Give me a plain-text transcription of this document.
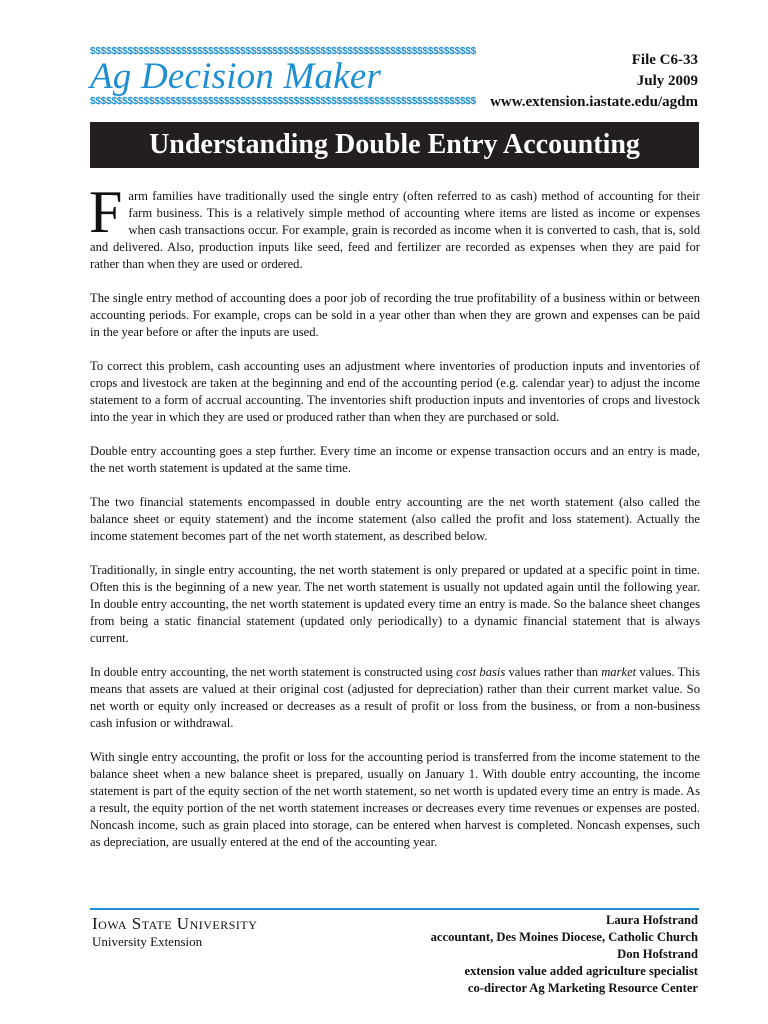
$$$$$$$$$$$$$$$$$$$$$$$$$$$$$$$$$$$$$$$$$$$$$$$$$$$$$$$$$$$$$$$$$$$$$$$$
Ag Decision Maker
$$$$$$$$$$$$$$$$$$$$$$$$$$$$$$$$$$$$$$$$$$$$$$$$$$$$$$$$$$$$$$$$$$$$$$$$
File C6-33
July 2009
www.extension.iastate.edu/agdm
Understanding Double Entry Accounting

Farm families have traditionally used the single entry (often referred to as cash) method of accounting for their farm business. This is a relatively simple method of accounting where items are listed as income or expenses when cash transactions occur. For example, grain is recorded as income when it is converted to cash, that is, sold and delivered. Also, production inputs like seed, feed and fertilizer are recorded as expenses when they are paid for rather than when they are used or ordered.

The single entry method of accounting does a poor job of recording the true profitability of a business within or between accounting periods. For example, crops can be sold in a year other than when they are grown and expenses can be paid in the year before or after the inputs are used.

To correct this problem, cash accounting uses an adjustment where inventories of production inputs and inventories of crops and livestock are taken at the beginning and end of the accounting period (e.g. calendar year) to adjust the income statement to a form of accrual accounting. The inventories shift production inputs and inventories of crops and livestock into the year in which they are used or produced rather than when they are purchased or sold.

Double entry accounting goes a step further. Every time an income or expense transaction occurs and an entry is made, the net worth statement is updated at the same time.

The two financial statements encompassed in double entry accounting are the net worth statement (also called the balance sheet or equity statement) and the income statement (also called the profit and loss statement). Actually the income statement becomes part of the net worth statement, as described below.

Traditionally, in single entry accounting, the net worth statement is only prepared or updated at a specific point in time. Often this is the beginning of a new year. The net worth statement is usually not updated again until the following year. In double entry accounting, the net worth statement is updated every time an entry is made. So the balance sheet changes from being a static financial statement (updated only periodically) to a dynamic financial statement that is always current.

In double entry accounting, the net worth statement is constructed using cost basis values rather than market values. This means that assets are valued at their original cost (adjusted for depreciation) rather than their current market value. So net worth or equity only increased or decreases as a result of profit or loss from the business, or from a non-business cash infusion or withdrawal.

With single entry accounting, the profit or loss for the accounting period is transferred from the income statement to the balance sheet when a new balance sheet is prepared, usually on January 1. With double entry accounting, the income statement is part of the equity section of the net worth statement, so net worth is updated every time an entry is made. As a result, the equity portion of the net worth statement increases or decreases every time revenues or expenses are posted. Noncash income, such as grain placed into storage, can be entered when harvest is completed. Noncash expenses, such as depreciation, are usually entered at the end of the accounting year.

Iowa State University
University Extension
Laura Hofstrand
accountant, Des Moines Diocese, Catholic Church
Don Hofstrand
extension value added agriculture specialist
co-director Ag Marketing Resource Center
